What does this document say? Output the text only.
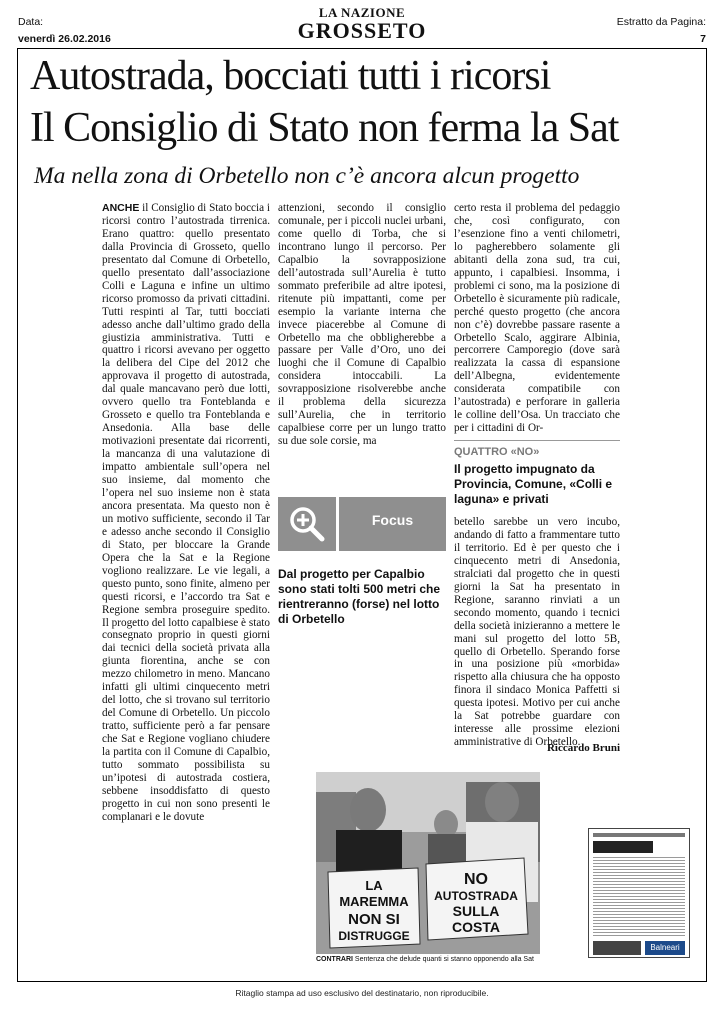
Data:
venerdì 26.02.2016
LA NAZIONE
GROSSETO	Estratto da Pagina:
7
Autostrada, bocciati tutti i ricorsi
Il Consiglio di Stato non ferma la Sat
Ma nella zona di Orbetello non c’è ancora alcun progetto
ANCHE il Consiglio di Stato boccia i ricorsi contro l’autostrada tirrenica. Erano quattro: quello presentato dalla Provincia di Grosseto, quello presentato dal Comune di Orbetello, quello presentato dall’associazione Colli e Laguna e infine un ultimo ricorso promosso da privati cittadini. Tutti respinti al Tar, tutti bocciati adesso anche dall’ultimo grado della giustizia amministrativa. Tutti e quattro i ricorsi avevano per oggetto la delibera del Cipe del 2012 che approvava il progetto di autostrada, dal quale mancavano però due lotti, ovvero quello tra Fonteblanda e Grosseto e quello tra Fonteblanda e Ansedonia. Alla base delle motivazioni presentate dai ricorrenti, la mancanza di una valutazione di impatto ambientale sull’opera nel suo insieme, dal momento che l’opera nel suo insieme non è stata ancora presentata. Ma questo non è un motivo sufficiente, secondo il Tar e adesso anche secondo il Consiglio di Stato, per bloccare la Grande Opera che la Sat e la Regione vogliono realizzare. Le vie legali, a questo punto, sono finite, almeno per questi ricorsi, e l’accordo tra Sat e Regione sembra proseguire spedito. Il progetto del lotto capalbiese è stato consegnato proprio in questi giorni dai tecnici della società privata alla giunta fiorentina, anche se con mezzo chilometro in meno. Mancano infatti gli ultimi cinquecento metri del lotto, che si trovano sul territorio del Comune di Orbetello. Un piccolo tratto, sufficiente però a far pensare che Sat e Regione vogliano chiudere la partita con il Comune di Capalbio, tutto sommato possibilista su un’ipotesi di autostrada costiera, sebbene insoddisfatto di questo progetto in cui non sono presenti le complanari e le dovute
attenzioni, secondo il consiglio comunale, per i piccoli nuclei urbani, come quello di Torba, che si incontrano lungo il percorso. Per Capalbio la sovrapposizione dell’autostrada sull’Aurelia è tutto sommato preferibile ad altre ipotesi, ritenute più impattanti, come per esempio la variante interna che invece piacerebbe al Comune di Orbetello ma che obbligherebbe a passare per Valle d’Oro, uno dei luoghi che il Comune di Capalbio considera intoccabili. La sovrapposizione risolverebbe anche il problema della sicurezza sull’Aurelia, che in territorio capalbiese corre per un lungo tratto su due sole corsie, ma
certo resta il problema del pedaggio che, così configurato, con l’esenzione fino a venti chilometri, lo pagherebbero solamente gli abitanti della zona sud, tra cui, appunto, i capalbiesi. Insomma, i problemi ci sono, ma la posizione di Orbetello è sicuramente più radicale, perché questo progetto (che ancora non c’è) dovrebbe passare rasente a Orbetello Scalo, aggirare Albinia, percorrere Camporegio (dove sarà realizzata la cassa di espansione dell’Albegna, evidentemente considerata compatibile con l’autostrada) e perforare in galleria le colline dell’Osa. Un tracciato che per i cittadini di Or-
QUATTRO «NO»
Il progetto impugnato da Provincia, Comune, «Colli e laguna» e privati
betello sarebbe un vero incubo, andando di fatto a frammentare tutto il territorio. Ed è per questo che i cinquecento metri di Ansedonia, stralciati dal progetto che in questi giorni la Sat ha presentato in Regione, saranno rinviati a un secondo momento, quando i tecnici della società inizieranno a mettere le mani sul progetto del lotto 5B, quello di Orbetello. Sperando forse in una posizione più «morbida» rispetto alla chiusura che ha opposto finora il sindaco Monica Paffetti si questa ipotesi. Motivo per cui anche la Sat potrebbe guardare con interesse alle prossime elezioni amministrative di Orbetello.
Riccardo Bruni
Focus
Dal progetto per Capalbio sono stati tolti 500 metri che rientreranno (forse) nel lotto di Orbetello
LA
MAREMMA
NON SI
DISTRUGGE
NO
AUTOSTRADA
SULLA
COSTA
CONTRARI Sentenza che delude quanti si stanno opponendo alla Sat
Balneari
Ritaglio stampa ad uso esclusivo del destinatario, non riproducibile.
